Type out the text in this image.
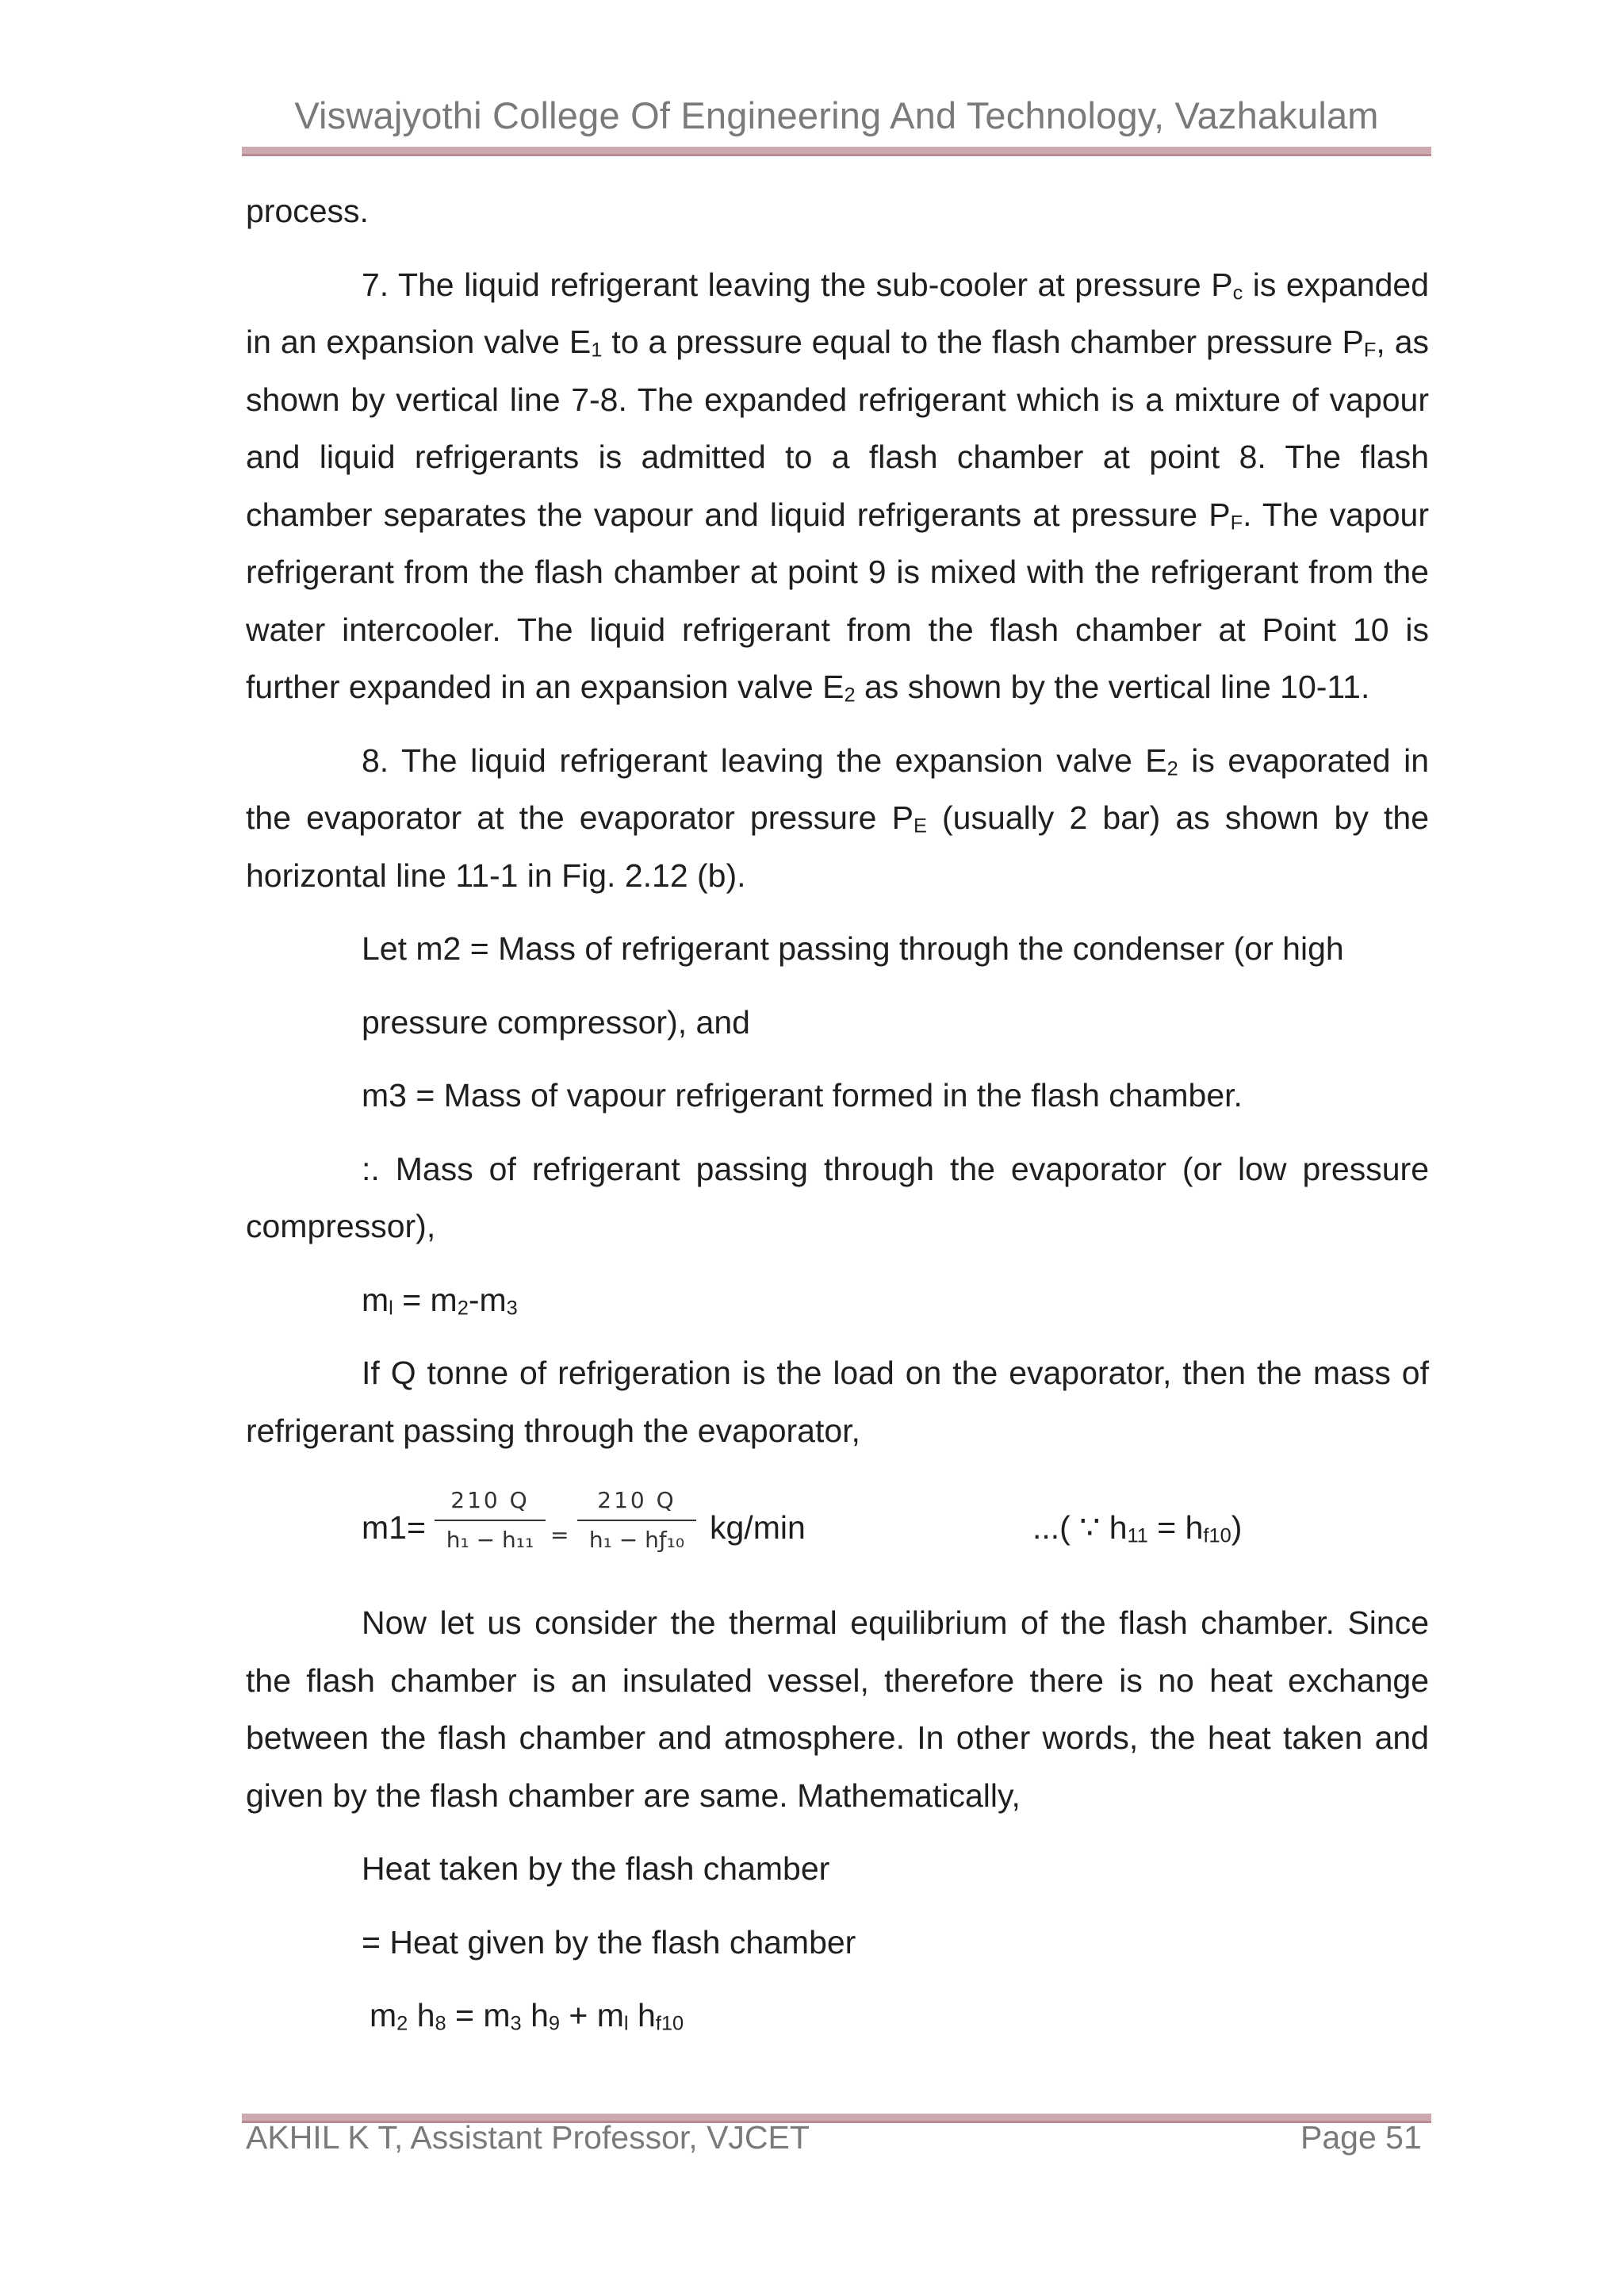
Viswajyothi College Of Engineering And Technology, Vazhakulam

process.

7. The liquid refrigerant leaving the sub-cooler at pressure $P_c$ is expanded in an expansion valve $E_1$ to a pressure equal to the flash chamber pressure $P_F$, as shown by vertical line 7-8. The expanded refrigerant which is a mixture of vapour and liquid refrigerants is admitted to a flash chamber at point 8. The flash chamber separates the vapour and liquid refrigerants at pressure $P_F$. The vapour refrigerant from the flash chamber at point 9 is mixed with the refrigerant from the water intercooler. The liquid refrigerant from the flash chamber at Point 10 is further expanded in an expansion valve $E_2$ as shown by the vertical line 10-11.

8. The liquid refrigerant leaving the expansion valve $E_2$ is evaporated in the evaporator at the evaporator pressure $P_E$ (usually 2 bar) as shown by the horizontal line 11-1 in Fig. 2.12 (b).

Let m2 = Mass of refrigerant passing through the condenser (or high

pressure compressor), and

m3 = Mass of vapour refrigerant formed in the flash chamber.

:. Mass of refrigerant passing through the evaporator (or low pressure compressor),

$m_l = m_2-m_3$

If Q tonne of refrigeration is the load on the evaporator, then the mass of refrigerant passing through the evaporator,

$m1= \frac{210 Q}{\text{h₁ − h₁₁}} = \frac{210 Q}{\text{h₁ − hƒ₁₀}} kg/\min$	...( ∵ $h_{11} = h_{f10}$)

Now let us consider the thermal equilibrium of the flash chamber. Since the flash chamber is an insulated vessel, therefore there is no heat exchange between the flash chamber and atmosphere. In other words, the heat taken and given by the flash chamber are same. Mathematically,

Heat taken by the flash chamber

= Heat given by the flash chamber

$m_2$ $h_8 = m_3$ $h_9 + m_l$ $h_{f10}$

AKHIL K T, Assistant Professor, VJCET	Page 51
